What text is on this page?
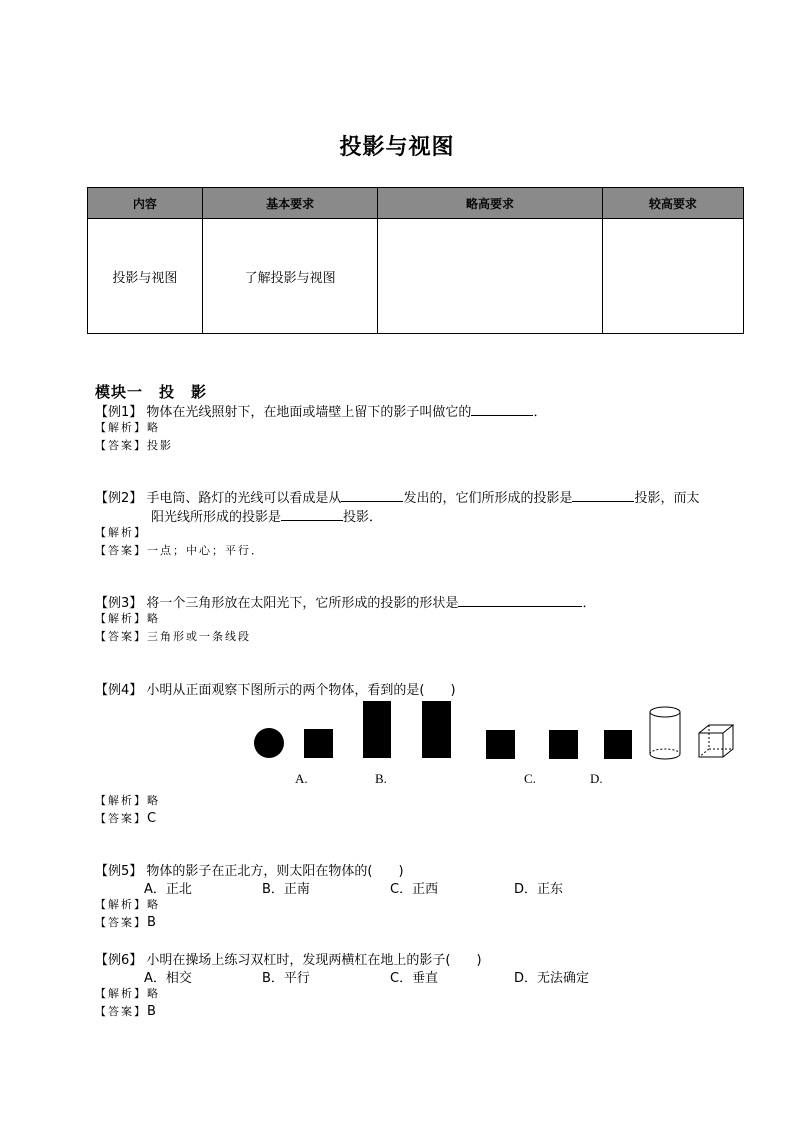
投影与视图
内容	基本要求	略高要求	较高要求
投影与视图	了解投影与视图		
模块一　投　影
【例1】 物体在光线照射下，在地面或墙壁上留下的影子叫做它的	．
【解析】略
【答案】投影
【例2】 手电筒、路灯的光线可以看成是从	发出的，它们所形成的投影是	投影，而太
阳光线所形成的投影是	投影．
【解析】
【答案】一点；中心；平行．
【例3】 将一个三角形放在太阳光下，它所形成的投影的形状是	．
【解析】略
【答案】三角形或一条线段
【例4】 小明从正面观察下图所示的两个物体，看到的是(　　)
A.	B.	C.	D.
【解析】略
【答案】C
【例5】 物体的影子在正北方，则太阳在物体的(　　)
A．正北	B．正南	C．正西	D．正东
【解析】略
【答案】B
【例6】 小明在操场上练习双杠时，发现两横杠在地上的影子(　　)
A．相交	B．平行	C．垂直	D．无法确定
【解析】略
【答案】B
